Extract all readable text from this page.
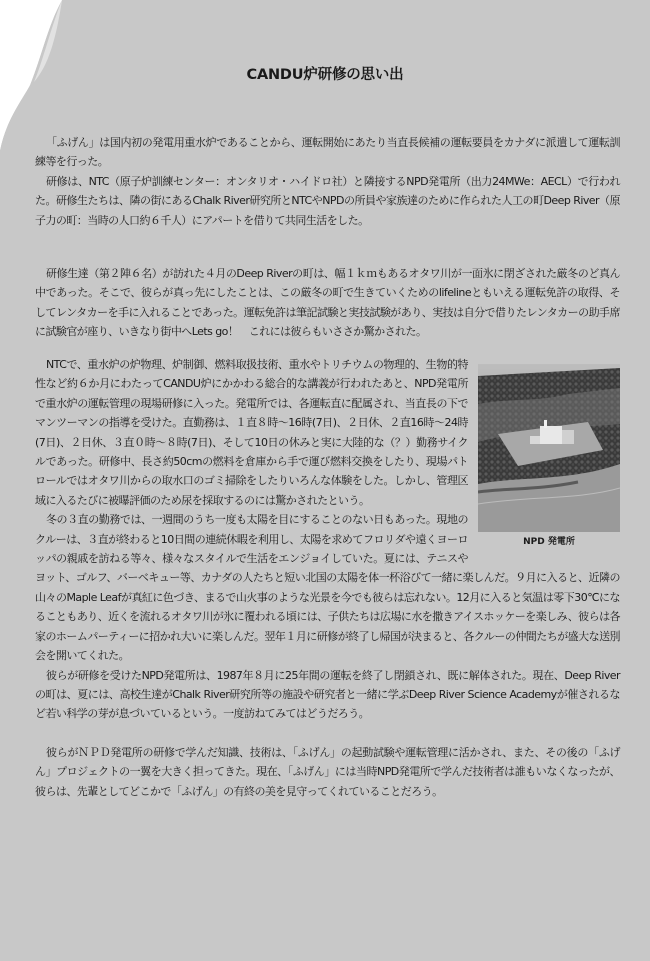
CANDU炉研修の思い出

「ふげん」は国内初の発電用重水炉であることから、運転開始にあたり当直長候補の運転要員をカナダに派遣して運転訓練等を行った。

研修は、NTC（原子炉訓練センター：オンタリオ・ハイドロ社）と隣接するNPD発電所（出力24MWe：AECL）で行われた。研修生たちは、隣の街にあるChalk River研究所とNTCやNPDの所員や家族達のために作られた人工の町Deep River（原子力の町：当時の人口約６千人）にアパートを借りて共同生活をした。

研修生達（第２陣６名）が訪れた４月のDeep Riverの町は、幅１ｋｍもあるオタワ川が一面氷に閉ざされた厳冬のど真ん中であった。そこで、彼らが真っ先にしたことは、この厳冬の町で生きていくためのlifelineともいえる運転免許の取得、そしてレンタカーを手に入れることであった。運転免許は筆記試験と実技試験があり、実技は自分で借りたレンタカーの助手席に試験官が座り、いきなり街中へLets go！　これには彼らもいささか驚かされた。

NPD 発電所

NTCで、重水炉の炉物理、炉制御、燃料取扱技術、重水やトリチウムの物理的、生物的特性など約６か月にわたってCANDU炉にかかわる総合的な講義が行われたあと、NPD発電所で重水炉の運転管理の現場研修に入った。発電所では、各運転直に配属され、当直長の下でマンツーマンの指導を受けた。直勤務は、１直８時～16時(7日)、２日休、２直16時～24時(7日)、２日休、３直０時～８時(7日)、そして10日の休みと実に大陸的な（？）勤務サイクルであった。研修中、長さ約50cmの燃料を倉庫から手で運び燃料交換をしたり、現場パトロールではオタワ川からの取水口のゴミ掃除をしたりいろんな体験をした。しかし、管理区域に入るたびに被曝評価のため尿を採取するのには驚かされたという。

冬の３直の勤務では、一週間のうち一度も太陽を目にすることのない日もあった。現地のクルーは、３直が終わると10日間の連続休暇を利用し、太陽を求めてフロリダや遠くヨーロッパの親戚を訪ねる等々、様々なスタイルで生活をエンジョイしていた。夏には、テニスやヨット、ゴルフ、バーベキュー等、カナダの人たちと短い北国の太陽を体一杯浴びて一緒に楽しんだ。９月に入ると、近隣の山々のMaple Leafが真紅に色づき、まるで山火事のような光景を今でも彼らは忘れない。12月に入ると気温は零下30℃になることもあり、近くを流れるオタワ川が氷に覆われる頃には、子供たちは広場に水を撒きアイスホッケーを楽しみ、彼らは各家のホームパーティーに招かれ大いに楽しんだ。翌年１月に研修が終了し帰国が決まると、各クルーの仲間たちが盛大な送別会を開いてくれた。

彼らが研修を受けたNPD発電所は、1987年８月に25年間の運転を終了し閉鎖され、既に解体された。現在、Deep Riverの町は、夏には、高校生達がChalk River研究所等の施設や研究者と一緒に学ぶDeep River Science Academyが催されるなど若い科学の芽が息づいているという。一度訪ねてみてはどうだろう。

彼らがＮＰＤ発電所の研修で学んだ知識、技術は、「ふげん」の起動試験や運転管理に活かされ、また、その後の「ふげん」プロジェクトの一翼を大きく担ってきた。現在、「ふげん」には当時NPD発電所で学んだ技術者は誰もいなくなったが、彼らは、先輩としてどこかで「ふげん」の有終の美を見守ってくれていることだろう。
